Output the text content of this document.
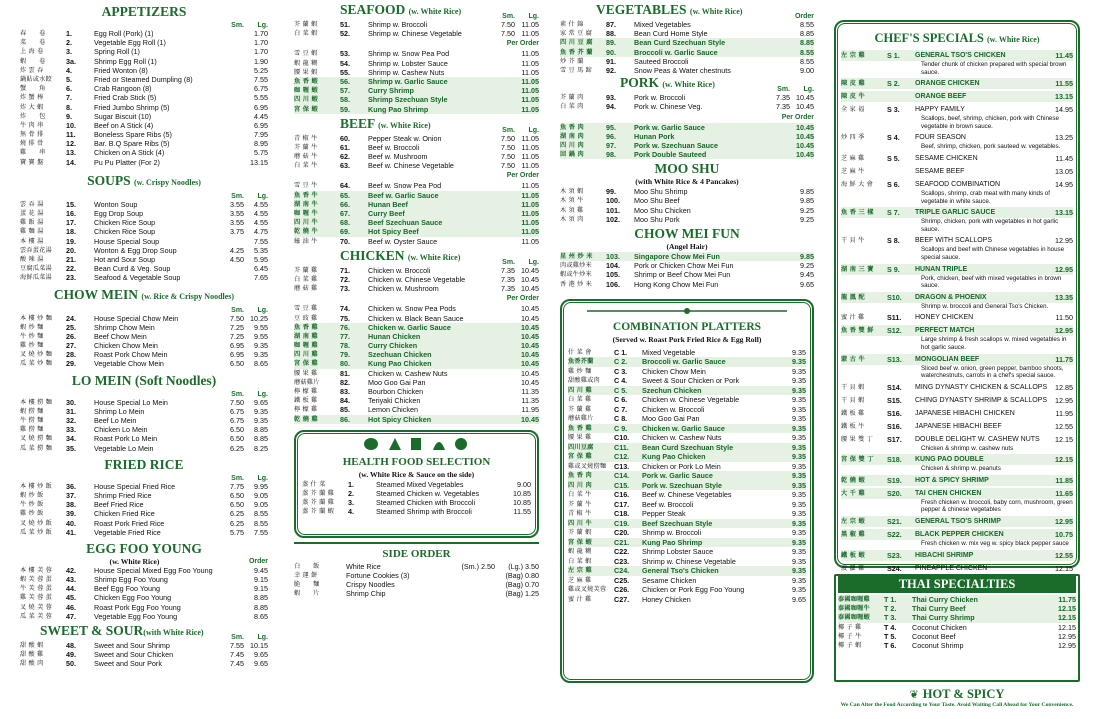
APPETIZERS
Sm.	Lg.
春　　卷	1.	Egg Roll (Pork) (1)	1.70
菜　　卷	2.	Vegetable Egg Roll (1)	1.70
上 海 卷	3.	Spring Roll (1)	1.70
蝦　　卷	3a.	Shrimp Egg Roll (1)	1.90
炸 雲 吞	4.	Fried Wonton (8)	5.25
鍋貼或水餃	5.	Fried or Steamed Dumpling (8)	7.55
蟹　　角	6.	Crab Rangoon (8)	6.75
炸 蟹 棒	7.	Fried Crab Stick (5)	5.55
炸 大 蝦	8.	Fried Jumbo Shrimp (5)	6.95
炸　　包	9.	Sugar Biscuit (10)	4.45
牛 肉 串	10.	Beef on A Stick (4)	6.95
無 骨 排	11.	Boneless Spare Ribs (5)	7.95
燒 排 骨	12.	Bar. B.Q Spare Ribs (5)	8.95
雞　　串	13.	Chicken on A Stick (4)	5.75
寶 寶 盤	14.	Pu Pu Platter (For 2)	13.15
SOUPS (w. Crispy Noodles)
Sm.	Lg.
雲 吞 湯	15.	Wonton Soup	3.55	4.55
蛋 花 湯	16.	Egg Drop Soup	3.55	4.55
雞 飯 湯	17.	Chicken Rice Soup	3.55	4.55
雞 麵 湯	18.	Chicken Rice Soup	3.75	4.75
本 樓 湯	19.	House Special Soup	7.55
雲吞蛋花湯	20.	Wonton & Egg Drop Soup	4.25	5.35
酸 辣 湯	21.	Hot and Sour Soup	4.50	5.95
豆腐瓜菜湯	22.	Bean Curd & Veg. Soup	6.45
海鮮瓜菜湯	23.	Seafood & Vegetable Soup	7.65
CHOW MEIN (w. Rice & Crispy Noodles)
Sm.	Lg.
本 樓 炒 麵	24.	House Special Chow Mein	7.50 10.25
蝦 炒 麵	25.	Shrimp Chow Mein	7.25	9.55
牛 炒 麵	26.	Beef Chow Mein	7.25	9.55
雞 炒 麵	27.	Chicken Chow Mein	6.95	9.35
叉 燒 炒 麵	28.	Roast Pork Chow Mein	6.95	9.35
瓜 菜 炒 麵	29.	Vegetable Chow Mein	6.50	8.65
LO MEIN (Soft Noodles)
Sm.	Lg.
本 樓 撈 麵	30.	House Special Lo Mein	7.50	9.65
蝦 撈 麵	31.	Shrimp Lo Mein	6.75	9.35
牛 撈 麵	32.	Beef Lo Mein	6.75	9.35
雞 撈 麵	33.	Chicken Lo Mein	6.50	8.85
叉 燒 撈 麵	34.	Roast Pork Lo Mein	6.50	8.85
瓜 菜 撈 麵	35.	Vegetable Lo Mein	6.25	8.25
FRIED RICE
Sm.	Lg.
本 樓 炒 飯	36.	House Special Fried Rice	7.75	9.95
蝦 炒 飯	37.	Shrimp Fried Rice	6.50	9.05
牛 炒 飯	38.	Beef Fried Rice	6.50	9.05
雞 炒 飯	39.	Chicken Fried Rice	6.25	8.55
叉 燒 炒 飯	40.	Roast Pork Fried Rice	6.25	8.55
瓜 菜 炒 飯	41.	Vegetable Fried Rice	5.75	7.55
EGG FOO YOUNG
(w. White Rice)	Order
本 樓 芙 蓉	42.	House Special Mixed Egg Foo Young	9.45
蝦 芙 蓉 蛋	43.	Shrimp Egg Foo Young	9.15
牛 芙 蓉 蛋	44.	Beef Egg Foo Young	9.15
雞 芙 蓉 蛋	45.	Chicken Egg Foo Young	8.85
叉 燒 芙 蓉	46.	Roast Pork Egg Foo Young	8.85
瓜 菜 芙 蓉	47.	Vegetable Egg Foo Young	8.65
SWEET & SOUR(with White Rice)
Sm.	Lg.
甜 酸 蝦	48.	Sweet and Sour Shrimp	7.55 10.15
甜 酸 雞	49.	Sweet and Sour Chicken	7.45	9.65
甜 酸 肉	50.	Sweet and Sour Pork	7.45	9.65
SEAFOOD (w. White Rice)
Sm.	Lg.
芥 蘭 蝦	51.	Shrimp w. Broccoli	7.50 11.05
白 菜 蝦	52.	Shrimp w. Chinese Vegetable	7.50 11.05
Per Order
雪 豆 蝦	53.	Shrimp w. Snow Pea Pod	11.05
蝦 龍 糊	54.	Shrimp w. Lobster Sauce	11.05
腰 果 蝦	55.	Shrimp w. Cashew Nuts	11.05
魚 香 蝦	56.	Shrimp w. Garlic Sauce	11.05
咖 喱 蝦	57.	Curry Shrimp	11.05
四 川 蝦	58.	Shrimp Szechuan Style	11.05
宮 保 蝦	59.	Kung Pao Shrimp	11.05
BEEF (w. White Rice)
Sm.	Lg.
青 椒 牛	60.	Pepper Steak w. Onion	7.50 11.05
芥 蘭 牛	61.	Beef w. Broccoli	7.50 11.05
蘑 菇 牛	62.	Beef w. Mushroom	7.50 11.05
白 菜 牛	63.	Beef w. Chinese Vegetable	7.50 11.05
Per Order
雪 豆 牛	64.	Beef w. Snow Pea Pod	11.05
魚 香 牛	65.	Beef w. Garlic Sauce	11.05
湖 南 牛	66.	Hunan Beef	11.05
咖 喱 牛	67.	Curry Beef	11.05
四 川 牛	68.	Beef Szechuan Sauce	11.05
乾 燒 牛	69.	Hot Spicy Beef	11.05
蠔 油 牛	70.	Beef w. Oyster Sauce	11.05
CHICKEN (w. White Rice)
Sm.	Lg.
芥 蘭 雞	71.	Chicken w. Broccoli	7.35 10.45
白 菜 雞	72.	Chicken w. Chinese Vegetable	7.35 10.45
蘑 菇 雞	73.	Chicken w. Mushroom	7.35 10.45
Per Order
雪 豆 雞	74.	Chicken w. Snow Pea Pods	10.45
豆 豉 雞	75.	Chicken w. Black Bean Sauce	10.45
魚 香 雞	76.	Chicken w. Garlic Sauce	10.45
湖 南 雞	77.	Hunan Chicken	10.45
咖 喱 雞	78.	Curry Chicken	10.45
四 川 雞	79.	Szechuan Chicken	10.45
宮 保 雞	80.	Kung Pao Chicken	10.45
腰 果 雞	81.	Chicken w. Cashew Nuts	10.45
蘑菇雞片	82.	Moo Goo Gai Pan	10.45
檸 檬 雞	83.	Bourbon Chicken	11.35
鐵 板 雞	84.	Teriyaki Chicken	11.35
檸 檬 雞	85.	Lemon Chicken	11.95
乾 燒 雞	86.	Hot Spicy Chicken	10.45
HEALTH FOOD SELECTION
(w. White Rice & Sauce on the side)
蒸 什 菜	1.	Steamed Mixed Vegetables	9.00
蒸 芥 蘭 雞	2.	Steamed Chicken w. Vegetables	10.85
蒸 芥 蘭 雞	3.	Steamed Chicken with Broccoli	10.85
蒸 芥 蘭 蝦	4.	Steamed Shrimp with Broccoli	11.55
SIDE ORDER
白　　飯	White Rice	(Sm.) 2.50	(Lg.) 3.50
幸 運 餅	Fortune Cookies (3)	(Bag) 0.80
脆　　麵	Crispy Noodles	(Bag) 0.70
蝦　　片	Shrimp Chip	(Bag) 1.25
VEGETABLES (w. White Rice)
Order
素 什 錦	87.	Mixed Vegetables	8.55
家 常 豆 腐	88.	Bean Curd Home Style	8.85
四 川 豆 腐	89.	Bean Curd Szechuan Style	8.85
魚 香 芥 蘭	90.	Broccoli w. Garlic Sauce	8.55
炒 芥 蘭	91.	Sauteed Broccoli	8.55
雪 豆 馬 蹄	92.	Snow Peas & Water chestnuts	9.00
PORK (w. White Rice)
Sm.	Lg.
芥 蘭 肉	93.	Pork w. Broccoli	7.35 10.45
白 菜 肉	94.	Pork w. Chinese Veg.	7.35 10.45
Per Order
魚 香 肉	95.	Pork w. Garlic Sauce	10.45
湖 南 肉	96.	Hunan Pork	10.45
四 川 肉	97.	Pork w. Szechuan Sauce	10.45
回 鍋 肉	98.	Pork Double Sauteed	10.45
MOO SHU
(with White Rice & 4 Pancakes)
木 須 蝦	99.	Moo Shu Shrimp	9.85
木 須 牛	100.	Moo Shu Beef	9.85
木 須 雞	101.	Moo Shu Chicken	9.25
木 須 肉	102.	Moo Shu Pork	9.25
CHOW MEI FUN
(Angel Hair)
星 州 炒 米	103.	Singapore Chow Mei Fun	9.85
肉或雞炒米	104.	Pork or Chicken Chow Mei Fun	9.25
蝦或牛炒米	105.	Shrimp or Beef Chow Mei Fun	9.45
香 港 炒 米	106.	Hong Kong Chow Mei Fun	9.65
COMBINATION PLATTERS
(Served w. Roast Pork Fried Rice & Egg Roll)
什 菜 會	C 1.	Mixed Vegetable	9.35
魚香芥蘭	C 2.	Broccoli w. Garlic Sauce	9.35
雞 炒 麵	C 3.	Chicken Chow Mein	9.35
甜酸雞或肉	C 4.	Sweet & Sour Chicken or Pork	9.35
四 川 雞	C 5.	Szechun Chicken	9.35
白 菜 雞	C 6.	Chicken w. Chinese Vegetable	9.35
芥 蘭 雞	C 7.	Chicken w. Broccoli	9.35
蘑菇雞片	C 8.	Moo Goo Gai Pan	9.35
魚 香 雞	C 9.	Chicken w. Garlic Sauce	9.35
腰 果 雞	C10.	Chicken w. Cashew Nuts	9.35
四川豆腐	C11.	Bean Curd Szechuan Style	9.35
宮 保 雞	C12.	Kung Pao Chicken	9.35
雞或叉燒撈麵	C13.	Chicken or Pork Lo Mein	9.35
魚 香 肉	C14.	Pork w. Garlic Sauce	9.35
四 川 肉	C15.	Pork w. Szechuan Style	9.35
白 菜 牛	C16.	Beef w. Chinese Vegetables	9.35
芥 蘭 牛	C17.	Beef w. Broccoli	9.35
青 椒 牛	C18.	Pepper Steak	9.35
四 川 牛	C19.	Beef Szechuan Style	9.35
芥 蘭 蝦	C20.	Shrimp w. Broccoli	9.35
宮 保 蝦	C21.	Kung Pao Shrimp	9.35
蝦 龍 糊	C22.	Shrimp Lobster Sauce	9.35
白 菜 蝦	C23.	Shrimp w. Chinese Vegetable	9.35
左 宗 雞	C24.	General Tso's Chicken	9.35
芝 麻 雞	C25.	Sesame Chicken	9.35
雞或叉燒芙蓉	C26.	Chicken or Pork Egg Foo Young	9.35
蜜 汁 雞	C27.	Honey Chicken	9.65
CHEF'S SPECIALS (w. White Rice)
左 宗 雞	S 1.	GENERAL TSO'S CHICKEN	11.45
Tender chunk of chicken prepared with special brown sauce.
陳 皮 雞	S 2.	ORANGE CHICKEN	11.55
陳 皮 牛	ORANGE BEEF	13.15
全 家 福	S 3.	HAPPY FAMILY	14.95
Scallops, beef, shrimp, chicken, pork with Chinese vegetable in brown sauce.
炒 四 季	S 4.	FOUR SEASON	13.25
Beef, shrimp, chicken, pork sauteed w. vegetables.
芝 麻 雞	S 5.	SESAME CHICKEN	11.45
芝 麻 牛	SESAME BEEF	13.05
海 鮮 大 會	S 6.	SEAFOOD COMBINATION	14.95
Scallops, shrimp, crab meat with many kinds of vegetable in white sauce.
魚 香 三 樣	S 7.	TRIPLE GARLIC SAUCE	13.15
Shrimp, chicken, pork with vegetables in hot garlic sauce.
干 貝 牛	S 8.	BEEF WITH SCALLOPS	12.95
Scallops and beef with Chinese vegetables in house special sauce.
湖 南 三 寶	S 9.	HUNAN TRIPLE	12.95
Pork, chicken, beef with mixed vegetables in brown sauce.
龍 鳳 配	S10.	DRAGON & PHOENIX	13.35
Shrimp w. broccoli and General Tso's Chicken.
蜜 汁 雞	S11.	HONEY CHICKEN	11.50
魚 香 雙 鮮	S12.	PERFECT MATCH	12.95
Large shrimp & fresh scallops w. mixed vegetables in hot garlic sauce.
蒙 古 牛	S13.	MONGOLIAN BEEF	11.75
Sliced beef w. onion, green pepper, bamboo shoots, waterchestnuts, carrots in a chef's special sauce.
干 貝 蝦	S14.	MING DYNASTY CHICKEN & SCALLOPS	12.85
干 貝 蝦	S15.	CHING DYNASTY SHRIMP & SCALLOPS	12.95
鐵 板 雞	S16.	JAPANESE HIBACHI CHICKEN	11.95
鐵 板 牛	S16.	JAPANESE HIBACHI BEEF	12.55
腰 果 雙 丁	S17.	DOUBLE DELIGHT W. CASHEW NUTS	12.15
Chicken & shrimp w. cashew nuts
宮 保 雙 丁	S18.	KUNG PAO DOUBLE	12.15
Chicken & shrimp w. peanuts
乾 燒 蝦	S19.	HOT & SPICY SHRIMP	11.85
大 千 雞	S20.	TAI CHEN CHICKEN	11.65
Fresh chicken w. broccoli, baby corn, mushroom, green pepper & chinese vegetables
左 宗 蝦	S21.	GENERAL TSO'S SHRIMP	12.95
黑 椒 雞	S22.	BLACK PEPPER CHICKEN	10.75
Fresh chicken w. mix veg w. spicy black pepper sauce
鐵 板 蝦	S23.	HIBACHI SHRIMP	12.55
菠 蘿 雞	S24.	PINEAPPLE CHICKEN	12.15
THAI SPECIALTIES
泰國咖喱雞	T 1.	Thai Curry Chicken	11.75
泰國咖喱牛	T 2.	Thai Curry Beef	12.15
泰國咖喱蝦	T 3.	Thai Curry Shrimp	12.15
椰 子 雞	T 4.	Coconut Chicken	12.15
椰 子 牛	T 5.	Coconut Beef	12.95
椰 子 蝦	T 6.	Coconut Shrimp	12.95
❦ HOT & SPICY
We Can Alter the Food According to Your Taste. Avoid Waiting Call Ahead for Your Convenience.
